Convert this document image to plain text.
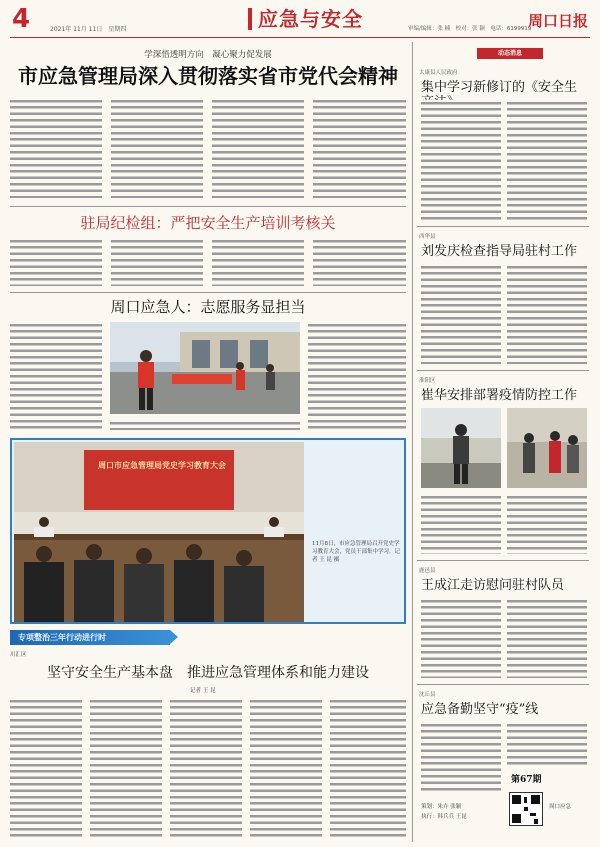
4	2021年 11月 11日　星期四	应急与安全	审编/编辑：张 楠　校对：张 颖　电话：6199919
周口日报
学深悟透明方向　凝心聚力促发展
市应急管理局深入贯彻落实省市党代会精神
驻局纪检组：严把安全生产培训考核关
周口应急人：志愿服务显担当
周口市应急管理局党史学习教育大会
11月8日，市应急管理局召开党史学习教育大会，党员干部集中学习。记者 王 昆 摄
专项整治三年行动进行时
川汇区
坚守安全生产基本盘　推进应急管理体系和能力建设
记者 王 昆
动态消息
太康县人民政府
集中学习新修订的《安全生
西华县
刘发庆检查指导局驻村工作
淮阳区
崔华安排部署疫情防控工作
鹿邑县
王成江走访慰问驻村队员
沈丘县
应急备勤坚守“疫”线
第67期
策划：朱卉 张颖
执行：韩兵兵 王昆
周口应急
